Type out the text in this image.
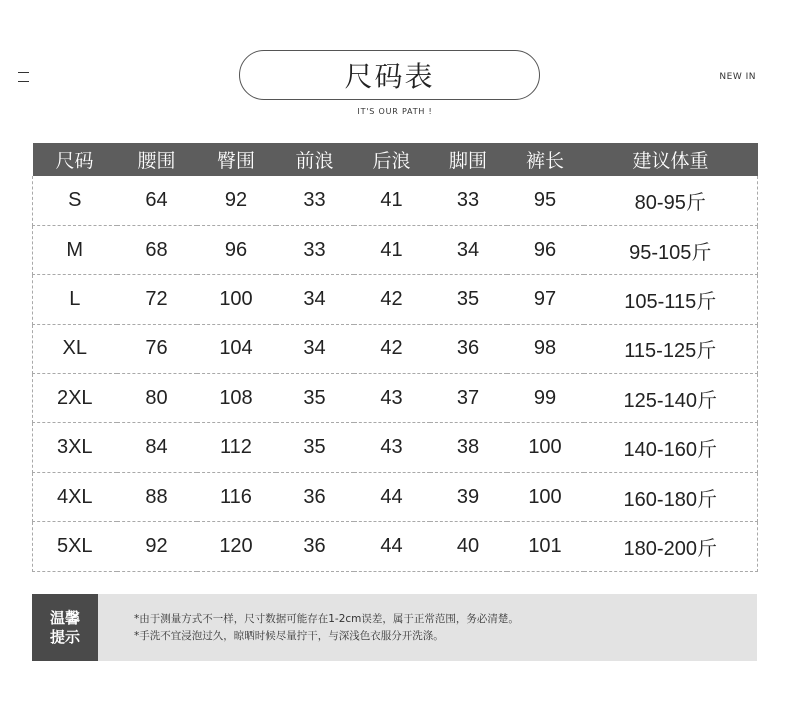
尺码表
IT'S OUR PATH !
NEW IN
尺码	腰围	臀围	前浪	后浪	脚围	裤长	建议体重
S	64	92	33	41	33	95	80-95斤
M	68	96	33	41	34	96	95-105斤
L	72	100	34	42	35	97	105-115斤
XL	76	104	34	42	36	98	115-125斤
2XL	80	108	35	43	37	99	125-140斤
3XL	84	112	35	43	38	100	140-160斤
4XL	88	116	36	44	39	100	160-180斤
5XL	92	120	36	44	40	101	180-200斤
温馨
提示
*由于测量方式不一样，尺寸数据可能存在1-2cm误差，属于正常范围，务必清楚。
*手洗不宜浸泡过久，晾晒时候尽量拧干，与深浅色衣服分开洗涤。
